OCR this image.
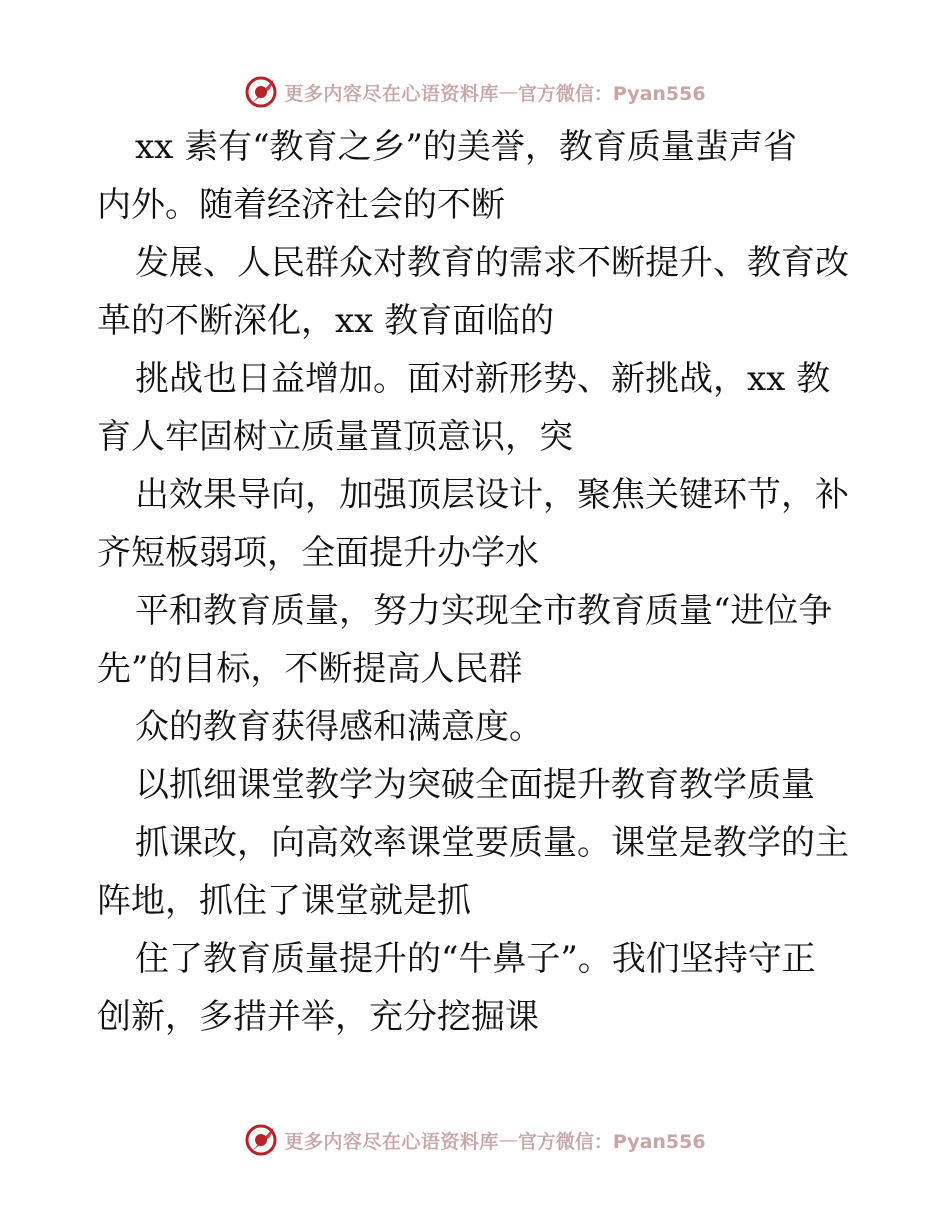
更多内容尽在心语资料库 — 官方微信：Pyan556

xx 素有“教育之乡”的美誉，教育质量蜚声省

内外。随着经济社会的不断

发展、人民群众对教育的需求不断提升、教育改

革的不断深化，xx 教育面临的

挑战也日益增加。面对新形势、新挑战，xx 教

育人牢固树立质量置顶意识，突

出效果导向，加强顶层设计，聚焦关键环节，补

齐短板弱项，全面提升办学水

平和教育质量，努力实现全市教育质量“进位争

先”的目标，不断提高人民群

众的教育获得感和满意度。

以抓细课堂教学为突破全面提升教育教学质量

抓课改，向高效率课堂要质量。课堂是教学的主

阵地，抓住了课堂就是抓

住了教育质量提升的“牛鼻子”。我们坚持守正

创新，多措并举，充分挖掘课

更多内容尽在心语资料库 — 官方微信：Pyan556
